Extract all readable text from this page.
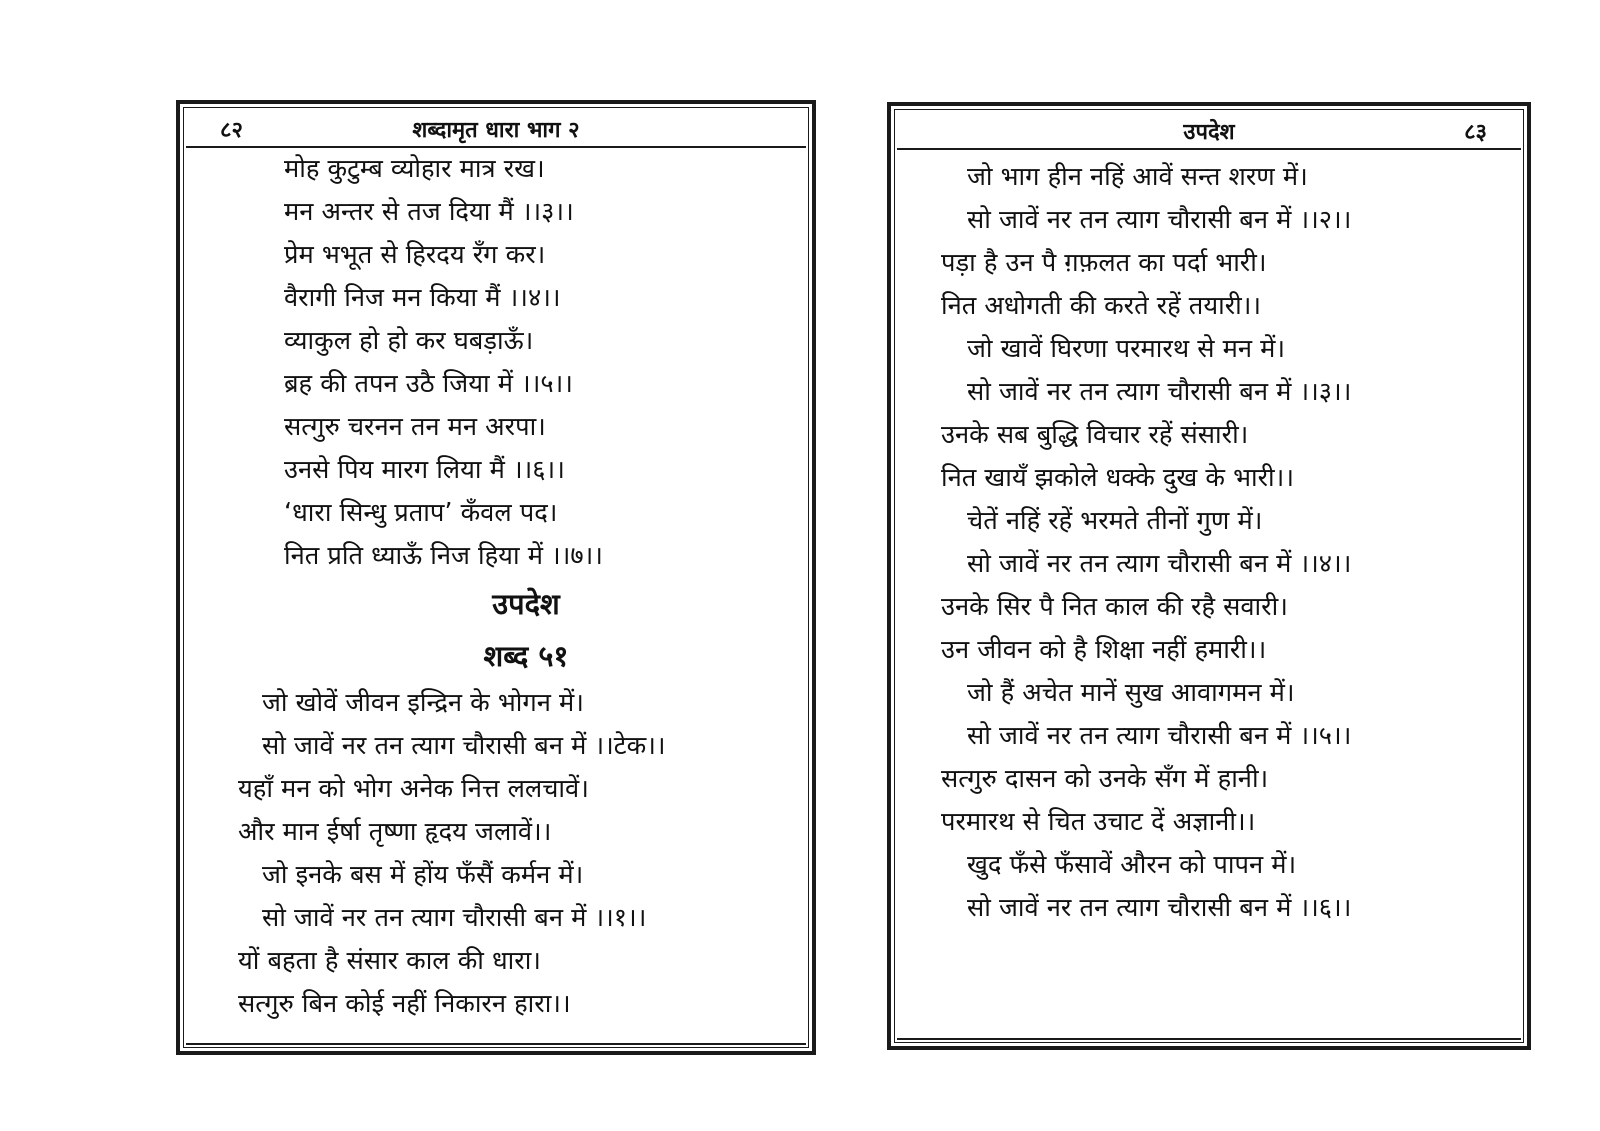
८२	शब्दामृत धारा भाग २
मोह कुटुम्ब व्योहार मात्र रख।
मन अन्तर से तज दिया मैं ।।३।।
प्रेम भभूत से हिरदय रँग कर।
वैरागी निज मन किया मैं ।।४।।
व्याकुल हो हो कर घबड़ाऊँ।
ब्रह की तपन उठै जिया में ।।५।।
सत्गुरु चरनन तन मन अरपा।
उनसे पिय मारग लिया मैं ।।६।।
‘धारा सिन्धु प्रताप’ कँवल पद।
नित प्रति ध्याऊँ निज हिया में ।।७।।
उपदेश
शब्द ५१
जो खोवें जीवन इन्द्रिन के भोगन में।
सो जावें नर तन त्याग चौरासी बन में ।।टेक।।
यहाँ मन को भोग अनेक नित्त ललचावें।
और मान ईर्षा तृष्णा हृदय जलावें।।
जो इनके बस में होंय फँसैं कर्मन में।
सो जावें नर तन त्याग चौरासी बन में ।।१।।
यों बहता है संसार काल की धारा।
सत्गुरु बिन कोई नहीं निकारन हारा।।
उपदेश	८३
जो भाग हीन नहिं आवें सन्त शरण में।
सो जावें नर तन त्याग चौरासी बन में ।।२।।
पड़ा है उन पै ग़फ़लत का पर्दा भारी।
नित अधोगती की करते रहें तयारी।।
जो खावें घिरणा परमारथ से मन में।
सो जावें नर तन त्याग चौरासी बन में ।।३।।
उनके सब बुद्धि विचार रहें संसारी।
नित खायँ झकोले धक्के दुख के भारी।।
चेतें नहिं रहें भरमते तीनों गुण में।
सो जावें नर तन त्याग चौरासी बन में ।।४।।
उनके सिर पै नित काल की रहै सवारी।
उन जीवन को है शिक्षा नहीं हमारी।।
जो हैं अचेत मानें सुख आवागमन में।
सो जावें नर तन त्याग चौरासी बन में ।।५।।
सत्गुरु दासन को उनके सँग में हानी।
परमारथ से चित उचाट दें अज्ञानी।।
खुद फँसे फँसावें औरन को पापन में।
सो जावें नर तन त्याग चौरासी बन में ।।६।।
